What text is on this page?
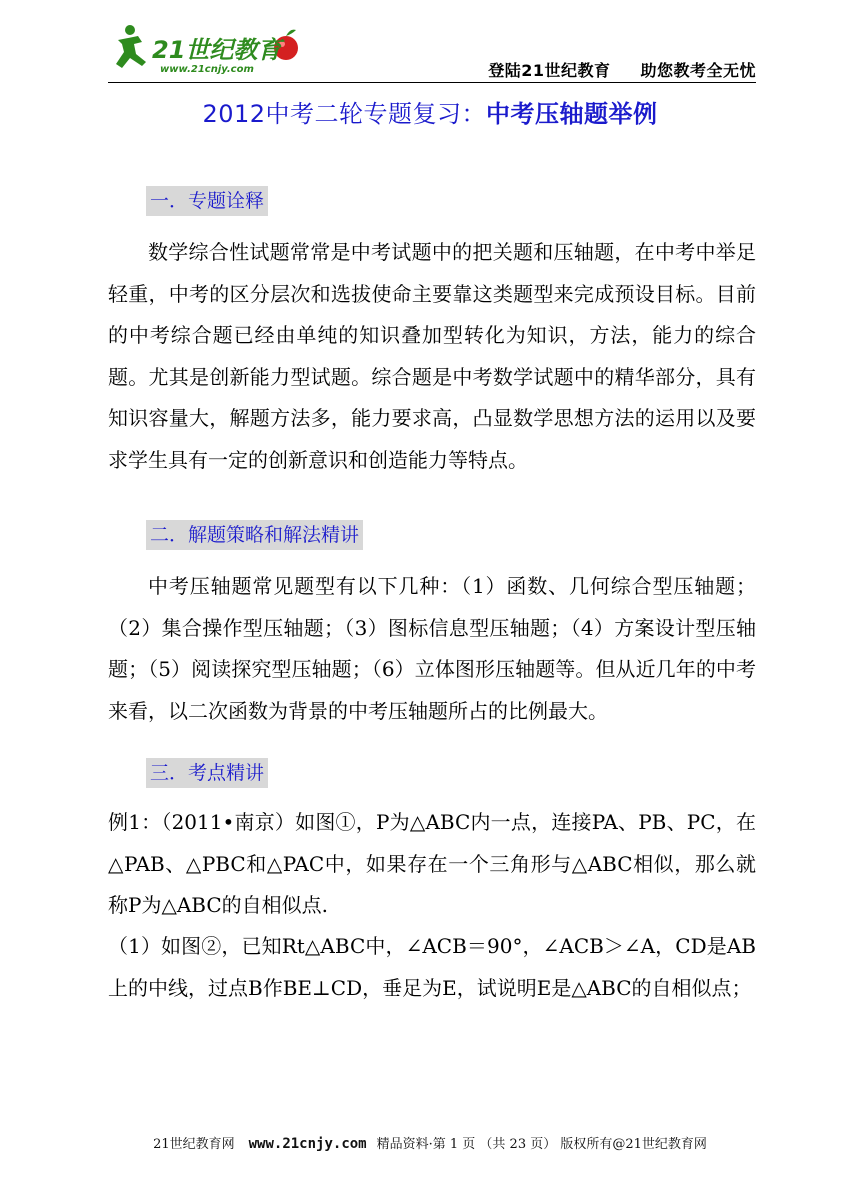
21世纪教育
www.21cnjy.com	登陆21世纪教育 助您教考全无忧
2012中考二轮专题复习：中考压轴题举例
一．专题诠释

数学综合性试题常常是中考试题中的把关题和压轴题，在中考中举足轻重，中考的区分层次和选拔使命主要靠这类题型来完成预设目标。目前的中考综合题已经由单纯的知识叠加型转化为知识，方法，能力的综合题。尤其是创新能力型试题。综合题是中考数学试题中的精华部分，具有知识容量大，解题方法多，能力要求高，凸显数学思想方法的运用以及要求学生具有一定的创新意识和创造能力等特点。

二．解题策略和解法精讲

中考压轴题常见题型有以下几种：（1）函数、几何综合型压轴题；（2）集合操作型压轴题；（3）图标信息型压轴题；（4）方案设计型压轴题；（5）阅读探究型压轴题；（6）立体图形压轴题等。但从近几年的中考来看，以二次函数为背景的中考压轴题所占的比例最大。

三．考点精讲

例1：（2011•南京）如图①，P为△ABC内一点，连接PA、PB、PC，在△PAB、△PBC和△PAC中，如果存在一个三角形与△ABC相似，那么就称P为△ABC的自相似点.

（1）如图②，已知Rt△ABC中，∠ACB＝90°，∠ACB＞∠A，CD是AB上的中线，过点B作BE⊥CD，垂足为E，试说明E是△ABC的自相似点；

21世纪教育网 www.21cnjy.com 精品资料·第 1 页 （共 23 页） 版权所有@21世纪教育网
